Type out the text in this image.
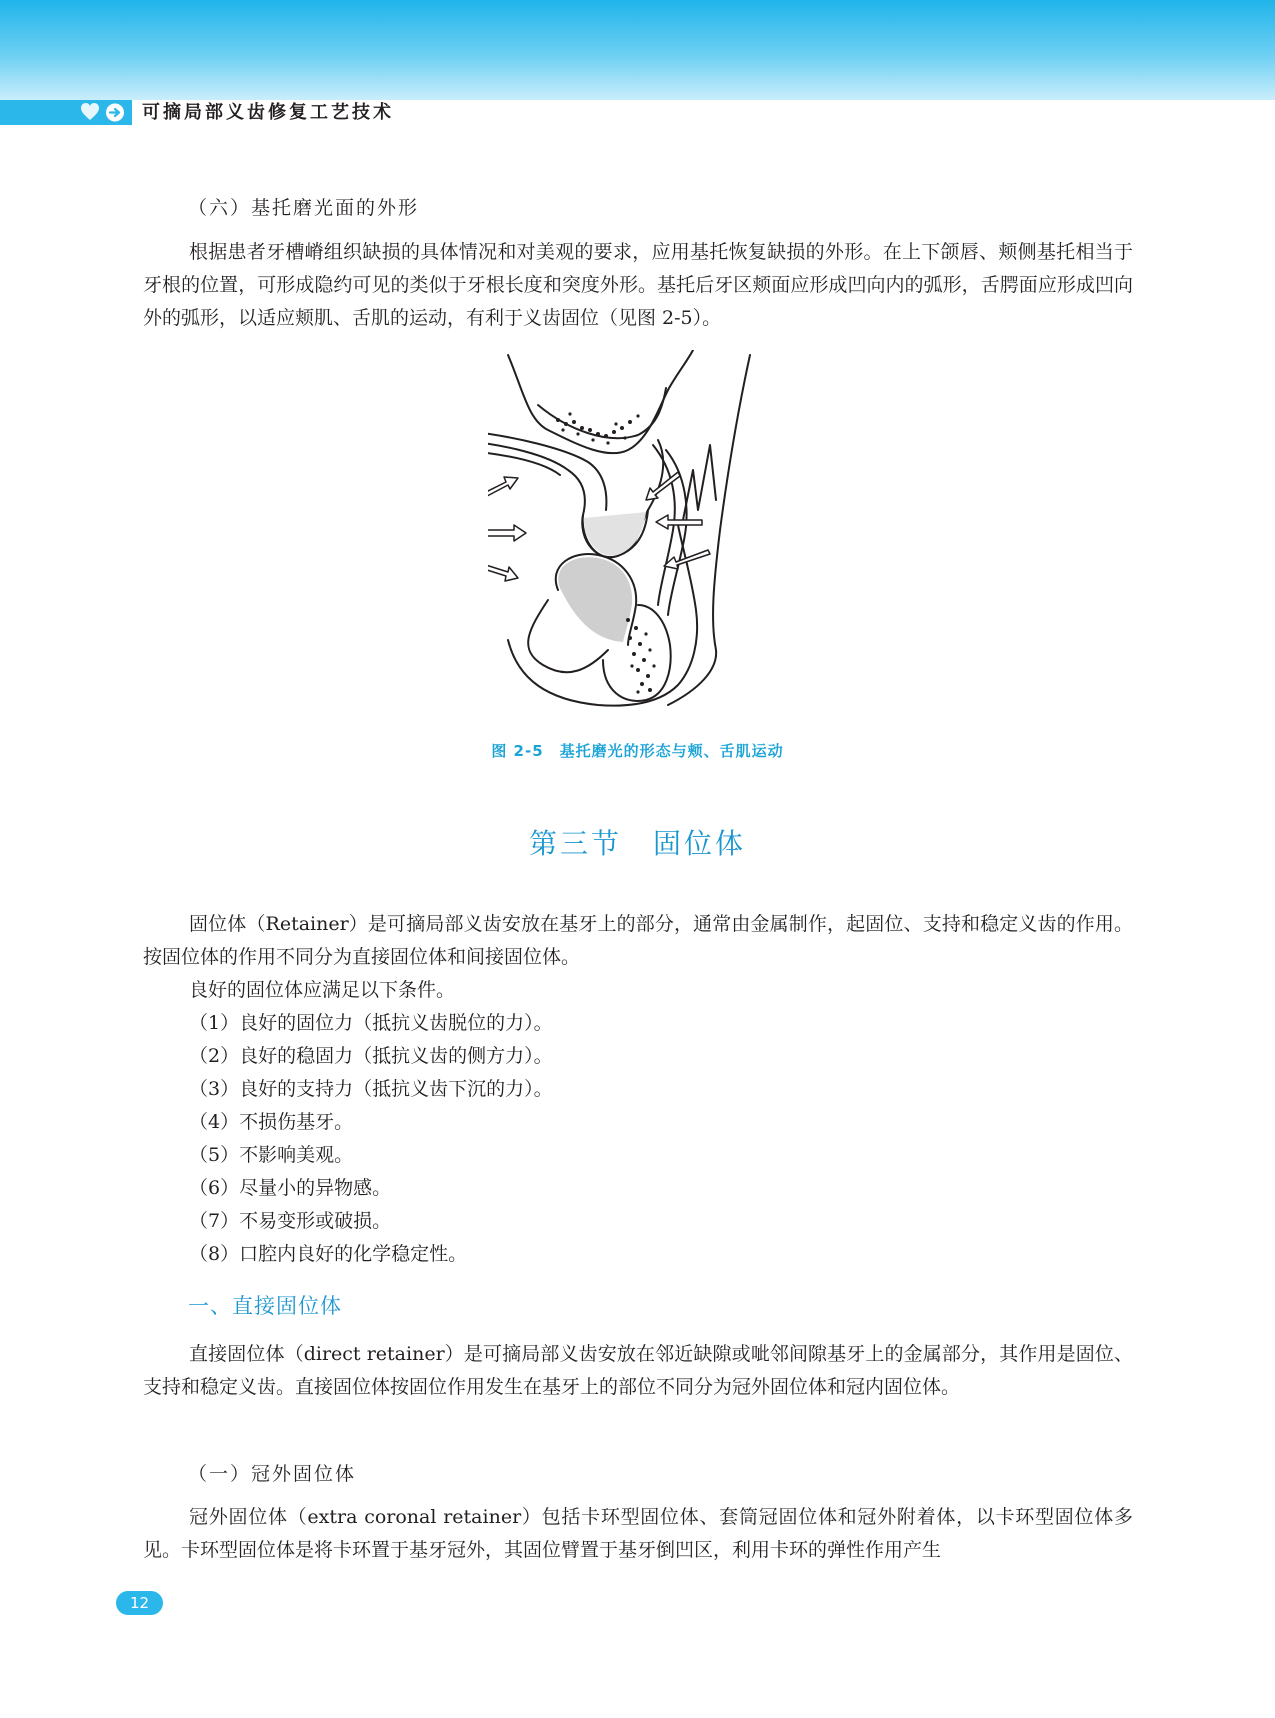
可摘局部义齿修复工艺技术
（六）基托磨光面的外形
根据患者牙槽嵴组织缺损的具体情况和对美观的要求，应用基托恢复缺损的外形。在上下颌唇、颊侧基托相当于牙根的位置，可形成隐约可见的类似于牙根长度和突度外形。基托后牙区颊面应形成凹向内的弧形，舌腭面应形成凹向外的弧形，以适应颊肌、舌肌的运动，有利于义齿固位（见图 2-5）。
图 2-5　基托磨光的形态与颊、舌肌运动
第三节　固位体
固位体（Retainer）是可摘局部义齿安放在基牙上的部分，通常由金属制作，起固位、支持和稳定义齿的作用。按固位体的作用不同分为直接固位体和间接固位体。
良好的固位体应满足以下条件。
（1）良好的固位力（抵抗义齿脱位的力）。
（2）良好的稳固力（抵抗义齿的侧方力）。
（3）良好的支持力（抵抗义齿下沉的力）。
（4）不损伤基牙。
（5）不影响美观。
（6）尽量小的异物感。
（7）不易变形或破损。
（8）口腔内良好的化学稳定性。
一、直接固位体
直接固位体（direct retainer）是可摘局部义齿安放在邻近缺隙或呲邻间隙基牙上的金属部分，其作用是固位、支持和稳定义齿。直接固位体按固位作用发生在基牙上的部位不同分为冠外固位体和冠内固位体。
（一）冠外固位体
冠外固位体（extra coronal retainer）包括卡环型固位体、套筒冠固位体和冠外附着体，以卡环型固位体多见。卡环型固位体是将卡环置于基牙冠外，其固位臂置于基牙倒凹区，利用卡环的弹性作用产生
12
